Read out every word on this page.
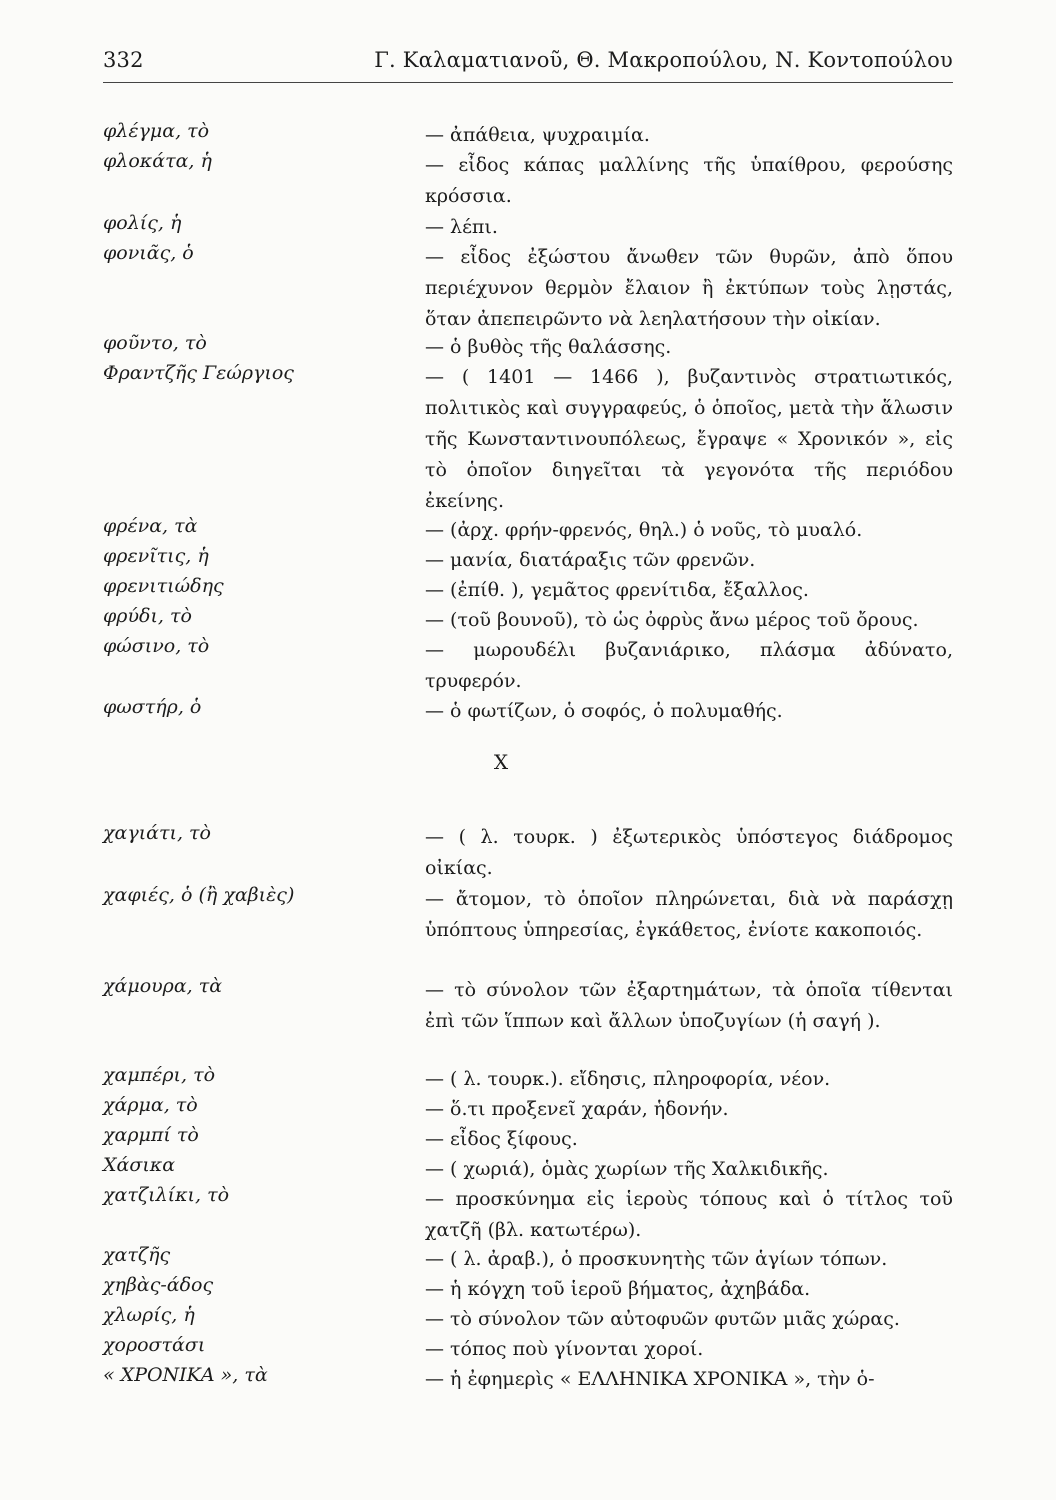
332	Γ. Καλαματιανοῦ, Θ. Μακροπούλου, Ν. Κοντοπούλου
φλέγμα, τὸ	— ἀπάθεια, ψυχραιμία.
φλοκάτα, ἡ	— εἶδος κάπας μαλλίνης τῆς ὑπαίθρου, φερούσης κρόσσια.
φολίς, ἡ	— λέπι.
φονιᾶς, ὁ	— εἶδος ἐξώστου ἄνωθεν τῶν θυρῶν, ἀπὸ ὅπου περιέχυνον θερμὸν ἔλαιον ἢ ἐκτύπων τοὺς λῃστάς, ὅταν ἀπεπειρῶντο νὰ λεηλατήσουν τὴν οἰκίαν.
φοῦντο, τὸ	— ὁ βυθὸς τῆς θαλάσσης.
Φραντζῆς Γεώργιος	— ( 1401 — 1466 ), βυζαντινὸς στρατιωτικός, πολιτικὸς καὶ συγγραφεύς, ὁ ὁποῖος, μετὰ τὴν ἅλωσιν τῆς Κωνσταντινουπόλεως, ἔγραψε « Χρονικόν », εἰς τὸ ὁποῖον διηγεῖται τὰ γεγονότα τῆς περιόδου ἐκείνης.
φρένα, τὰ	— (ἀρχ. φρήν-φρενός, θηλ.) ὁ νοῦς, τὸ μυαλό.
φρενῖτις, ἡ	— μανία, διατάραξις τῶν φρενῶν.
φρενιτιώδης	— (ἐπίθ. ), γεμᾶτος φρενίτιδα, ἔξαλλος.
φρύδι, τὸ	— (τοῦ βουνοῦ), τὸ ὡς ὀφρὺς ἄνω μέρος τοῦ ὄρους.
φώσινο, τὸ	— μωρουδέλι βυζανιάρικο, πλάσμα ἀδύνατο, τρυφερόν.
φωστήρ, ὁ	— ὁ φωτίζων, ὁ σοφός, ὁ πολυμαθής.
χαγιάτι, τὸ	— ( λ. τουρκ. ) ἐξωτερικὸς ὑπόστεγος διάδρομος οἰκίας.
χαφιές, ὁ (ἢ χαβιὲς)	— ἄτομον, τὸ ὁποῖον πληρώνεται, διὰ νὰ παράσχῃ ὑπόπτους ὑπηρεσίας, ἐγκάθετος, ἐνίοτε κακοποιός.
χάμουρα, τὰ	— τὸ σύνολον τῶν ἐξαρτημάτων, τὰ ὁποῖα τίθενται ἐπὶ τῶν ἵππων καὶ ἄλλων ὑποζυγίων (ἡ σαγή ).
χαμπέρι, τὸ	— ( λ. τουρκ.). εἴδησις, πληροφορία, νέον.
χάρμα, τὸ	— ὅ.τι προξενεῖ χαράν, ἡδονήν.
χαρμπί τὸ	— εἶδος ξίφους.
Χάσικα	— ( χωριά), ὁμὰς χωρίων τῆς Χαλκιδικῆς.
χατζιλίκι, τὸ	— προσκύνημα εἰς ἱεροὺς τόπους καὶ ὁ τίτλος τοῦ χατζῆ (βλ. κατωτέρω).
χατζῆς	— ( λ. ἀραβ.), ὁ προσκυνητὴς τῶν ἁγίων τόπων.
χηβὰς-άδος	— ἡ κόγχη τοῦ ἱεροῦ βήματος, ἀχηβάδα.
χλωρίς, ἡ	— τὸ σύνολον τῶν αὐτοφυῶν φυτῶν μιᾶς χώρας.
χοροστάσι	— τόπος ποὺ γίνονται χοροί.
« ΧΡΟΝΙΚΑ », τὰ	— ἡ ἐφημερὶς « ΕΛΛΗΝΙΚΑ ΧΡΟΝΙΚΑ », τὴν ὁ-
X
